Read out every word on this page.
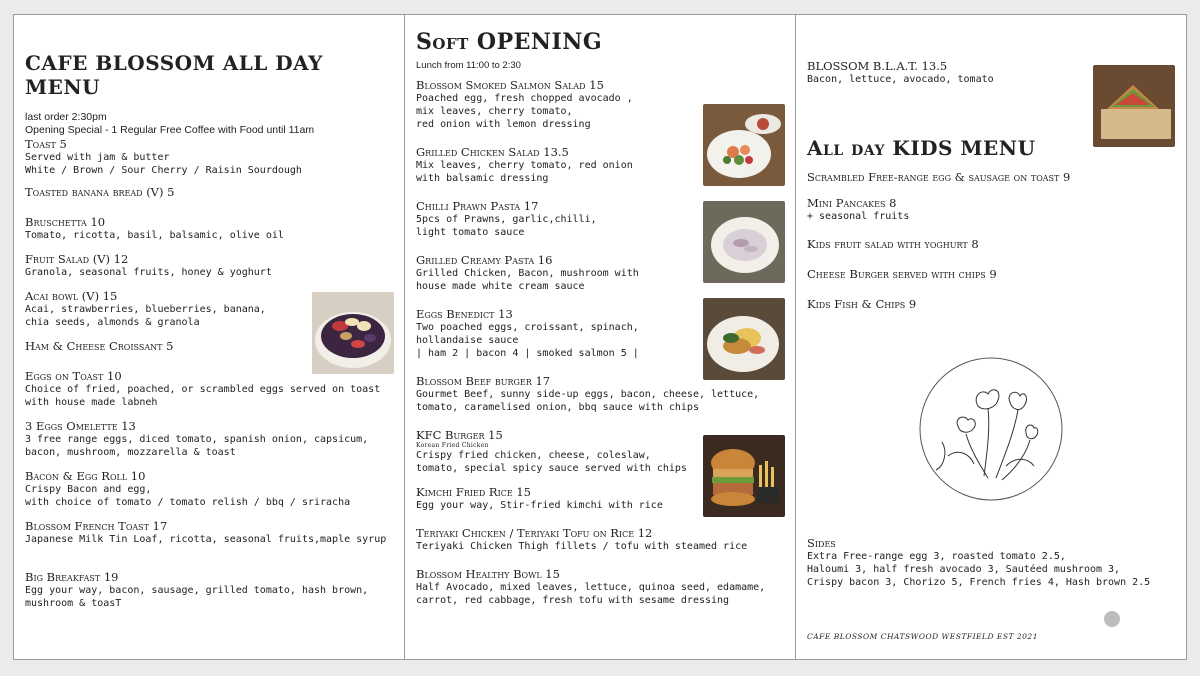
CAFE BLOSSOM ALL DAY MENU
last order 2:30pm
Opening Special - 1 Regular Free Coffee with Food until 11am
Toast 5
Served with jam & butter
White / Brown / Sour Cherry / Raisin Sourdough
Toasted banana bread (V) 5
Bruschetta 10
Tomato, ricotta, basil, balsamic, olive oil
Fruit Salad (V) 12
Granola, seasonal fruits, honey & yoghurt
Acai bowl (V) 15
Acai, strawberries, blueberries, banana,
chia seeds, almonds & granola
Ham & Cheese Croissant 5
Eggs on Toast 10
Choice of fried, poached, or scrambled eggs served on toast
with house made labneh
3 Eggs Omelette 13
3 free range eggs, diced tomato, spanish onion, capsicum,
bacon, mushroom, mozzarella & toast
Bacon & Egg Roll 10
Crispy Bacon and egg,
with choice of tomato / tomato relish / bbq / sriracha
Blossom French Toast 17
Japanese Milk Tin Loaf, ricotta, seasonal fruits,maple syrup
Big Breakfast 19
Egg your way, bacon, sausage, grilled tomato, hash brown,
mushroom & toasT
Soft OPENING
Lunch from 11:00 to 2:30
Blossom Smoked Salmon Salad 15
Poached egg, fresh chopped avocado ,
mix leaves, cherry tomato,
red onion with lemon dressing
Grilled Chicken Salad 13.5
Mix leaves, cherry tomato, red onion
with balsamic dressing
Chilli Prawn Pasta 17
5pcs of Prawns, garlic,chilli,
light tomato sauce
Grilled Creamy Pasta 16
Grilled Chicken, Bacon, mushroom with
house made white cream sauce
Eggs Benedict 13
Two poached eggs, croissant, spinach,
hollandaise sauce
| ham 2 | bacon 4 | smoked salmon 5 |
Blossom Beef burger 17
Gourmet Beef, sunny side-up eggs, bacon, cheese, lettuce,
tomato, caramelised onion, bbq sauce with chips
KFC Burger 15
Korean Fried Chicken
Crispy fried chicken, cheese, coleslaw,
tomato, special spicy sauce served with chips
Kimchi Fried Rice 15
Egg your way, Stir-fried kimchi with rice
Teriyaki Chicken / Teriyaki Tofu on Rice 12
Teriyaki Chicken Thigh fillets / tofu with steamed rice
Blossom Healthy Bowl 15
Half Avocado, mixed leaves, lettuce, quinoa seed, edamame,
carrot, red cabbage, fresh tofu with sesame dressing
BLOSSOM B.L.A.T. 13.5
Bacon, lettuce, avocado, tomato
All day KIDS MENU
Scrambled Free-range egg & sausage on toast 9
Mini Pancakes 8
+ seasonal fruits
Kids fruit salad with yoghurt 8
Cheese Burger served with chips 9
Kids Fish & Chips 9
Sides
Extra Free-range egg 3, roasted tomato 2.5,
Haloumi 3, half fresh avocado 3, Sautéed mushroom 3,
Crispy bacon 3, Chorizo 5, French fries 4, Hash brown 2.5
CAFE BLOSSOM CHATSWOOD WESTFIELD EST 2021
